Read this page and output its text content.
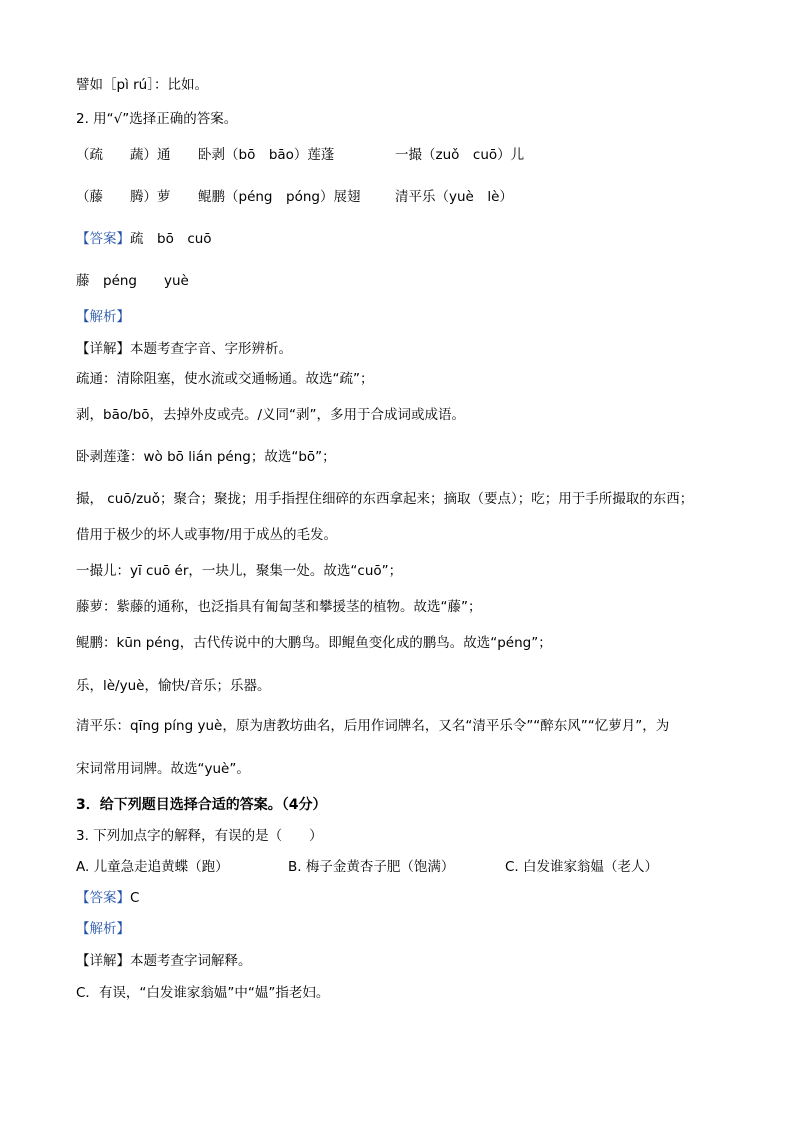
譬如［pì rú］：比如。
2. 用“√”选择正确的答案。
（疏　　蔬）通 卧剥（bō　bāo）莲蓬	一撮（zuǒ　cuō）儿
（藤　　腾）萝 鲲鹏（péng　póng）展翅	清平乐（yuè　lè）
【答案】疏　bō　cuō
藤　péng　　yuè
【解析】
【详解】本题考查字音、字形辨析。
疏通：清除阻塞，使水流或交通畅通。故选“疏”；
剥，bāo/bō，去掉外皮或壳。/义同“剥”，多用于合成词或成语。
卧剥莲蓬：wò bō lián péng；故选“bō”；
撮， cuō/zuǒ；聚合；聚拢；用手指捏住细碎的东西拿起来；摘取（要点）；吃；用于手所撮取的东西；
借用于极少的坏人或事物/用于成丛的毛发。
一撮儿：yī cuō ér，一块儿，聚集一处。故选“cuō”；
藤萝：紫藤的通称，也泛指具有匍匐茎和攀援茎的植物。故选“藤”；
鲲鹏：kūn péng，古代传说中的大鹏鸟。即鲲鱼变化成的鹏鸟。故选“péng”；
乐，lè/yuè，愉快/音乐；乐器。
清平乐：qīng píng yuè，原为唐教坊曲名，后用作词牌名，又名“清平乐令”“醉东风”“忆萝月”，为
宋词常用词牌。故选“yuè”。
3．给下列题目选择合适的答案。（4分）
3. 下列加点字的解释，有误的是（　　）
A. 儿童急走追黄蝶（跑）	B. 梅子金黄杏子肥（饱满）	C. 白发谁家翁媪（老人）
【答案】C
【解析】
【详解】本题考查字词解释。
C．有误，“白发谁家翁媪”中“媪”指老妇。
